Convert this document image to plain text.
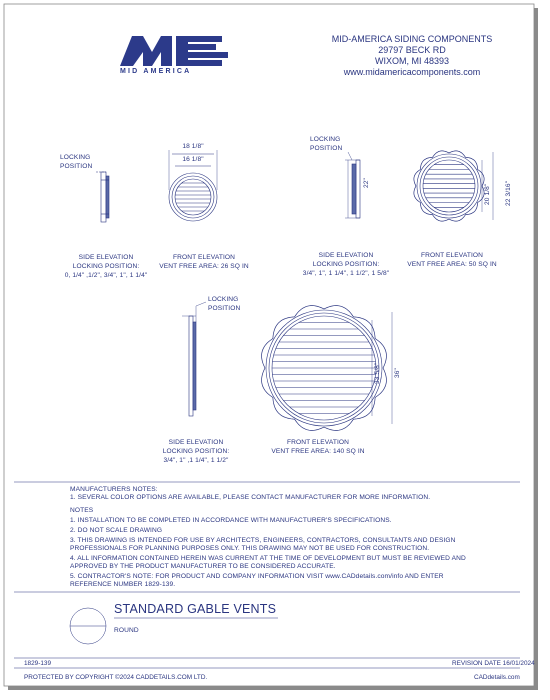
MID AMERICA
MID-AMERICA SIDING COMPONENTS
29797 BECK RD
WIXOM, MI 48393
www.midamericacomponents.com
LOCKING
POSITION
18 1/8"
16 1/8"
SIDE ELEVATION
LOCKING POSITION:
0, 1/4" ,1/2", 3/4", 1", 1 1/4"
FRONT ELEVATION
VENT FREE AREA: 26 SQ IN
LOCKING
POSITION
22"
20 1/8" 22 3/16"
SIDE ELEVATION
LOCKING POSITION:
3/4", 1", 1 1/4", 1 1/2", 1 5/8"
FRONT ELEVATION
VENT FREE AREA: 50 SQ IN
LOCKING
POSITION
33 5/8" 36"
SIDE ELEVATION
LOCKING POSITION:
3/4", 1" ,1 1/4", 1 1/2"
FRONT ELEVATION
VENT FREE AREA: 140 SQ IN
MANUFACTURERS NOTES:
1. SEVERAL COLOR OPTIONS ARE AVAILABLE, PLEASE CONTACT MANUFACTURER FOR MORE INFORMATION.
NOTES
1. INSTALLATION TO BE COMPLETED IN ACCORDANCE WITH MANUFACTURER'S SPECIFICATIONS.
2. DO NOT SCALE DRAWING
3. THIS DRAWING IS INTENDED FOR USE BY ARCHITECTS, ENGINEERS, CONTRACTORS, CONSULTANTS AND DESIGN
PROFESSIONALS FOR PLANNING PURPOSES ONLY. THIS DRAWING MAY NOT BE USED FOR CONSTRUCTION.
4. ALL INFORMATION CONTAINED HEREIN WAS CURRENT AT THE TIME OF DEVELOPMENT BUT MUST BE REVIEWED AND
APPROVED BY THE PRODUCT MANUFACTURER TO BE CONSIDERED ACCURATE.
5. CONTRACTOR'S NOTE: FOR PRODUCT AND COMPANY INFORMATION VISIT www.CADdetails.com/info AND ENTER
REFERENCE NUMBER 1829-139.
STANDARD GABLE VENTS
ROUND
1829-139	REVISION DATE 16/01/2024
PROTECTED BY COPYRIGHT ©2024 CADDETAILS.COM LTD.	CADdetails.com
